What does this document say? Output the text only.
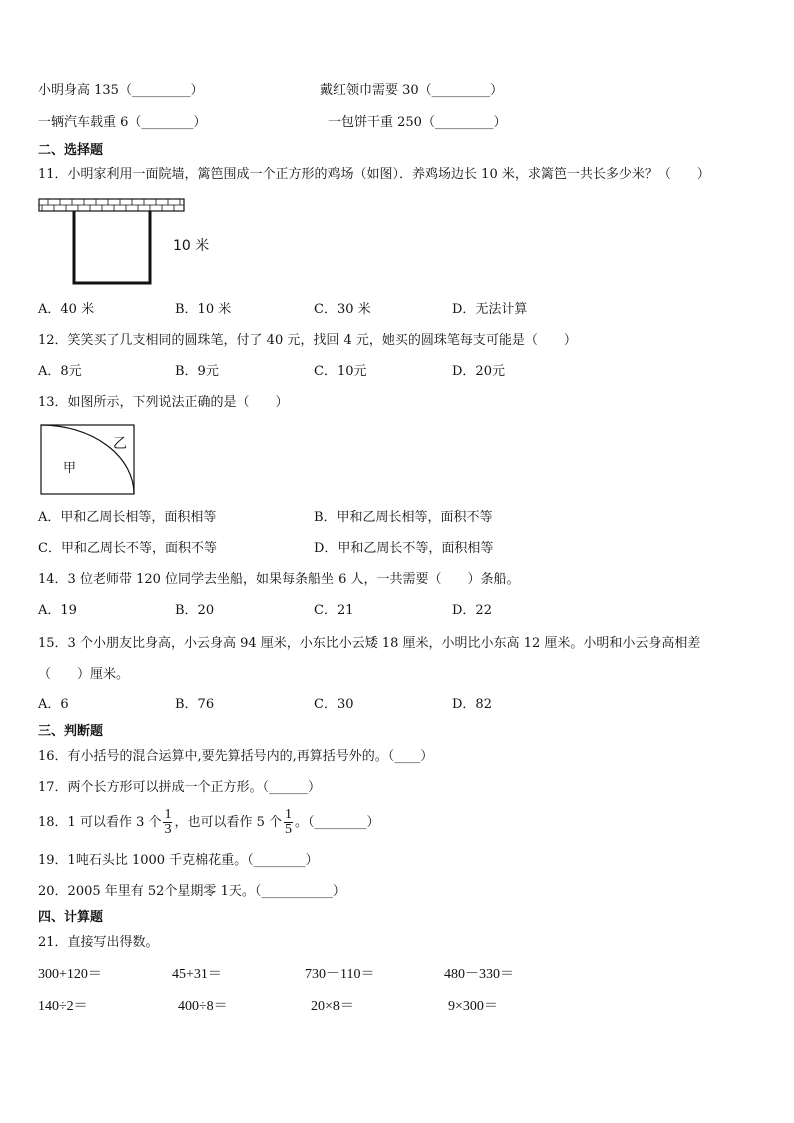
小明身高 135（_________）	戴红领巾需要 30（_________）
一辆汽车载重 6（________）	一包饼干重 250（_________）
二、选择题
11．小明家利用一面院墙，篱笆围成一个正方形的鸡场（如图）．养鸡场边长 10 米，求篱笆一共长多少米？（　　）
10 米
A．40 米	B．10 米	C．30 米	D．无法计算
12．笑笑买了几支相同的圆珠笔，付了 40 元，找回 4 元，她买的圆珠笔每支可能是（　　）
A．8元	B．9元	C．10元	D．20元
13．如图所示，下列说法正确的是（　　）
甲
乙
A．甲和乙周长相等，面积相等	B．甲和乙周长相等，面积不等
C．甲和乙周长不等，面积不等	D．甲和乙周长不等，面积相等
14．3 位老师带 120 位同学去坐船，如果每条船坐 6 人，一共需要（　　）条船。
A．19	B．20	C．21	D．22
15．3 个小朋友比身高，小云身高 94 厘米，小东比小云矮 18 厘米，小明比小东高 12 厘米。小明和小云身高相差
（　　）厘米。
A．6	B．76	C．30	D．82
三、判断题
16．有小括号的混合运算中,要先算括号内的,再算括号外的。（____）
17．两个长方形可以拼成一个正方形。（______）
18．1 可以看作 3 个 $\frac{1}{3}$ ，也可以看作 5 个 $\frac{1}{5}$ 。（________）
19．1吨石头比 1000 千克棉花重。（________）
20．2005 年里有 52个星期零 1天。（___________）
四、计算题
21．直接写出得数。
300+120＝	45+31＝	730－110＝	480－330＝
140÷2＝	400÷8＝	20×8＝	9×300＝
